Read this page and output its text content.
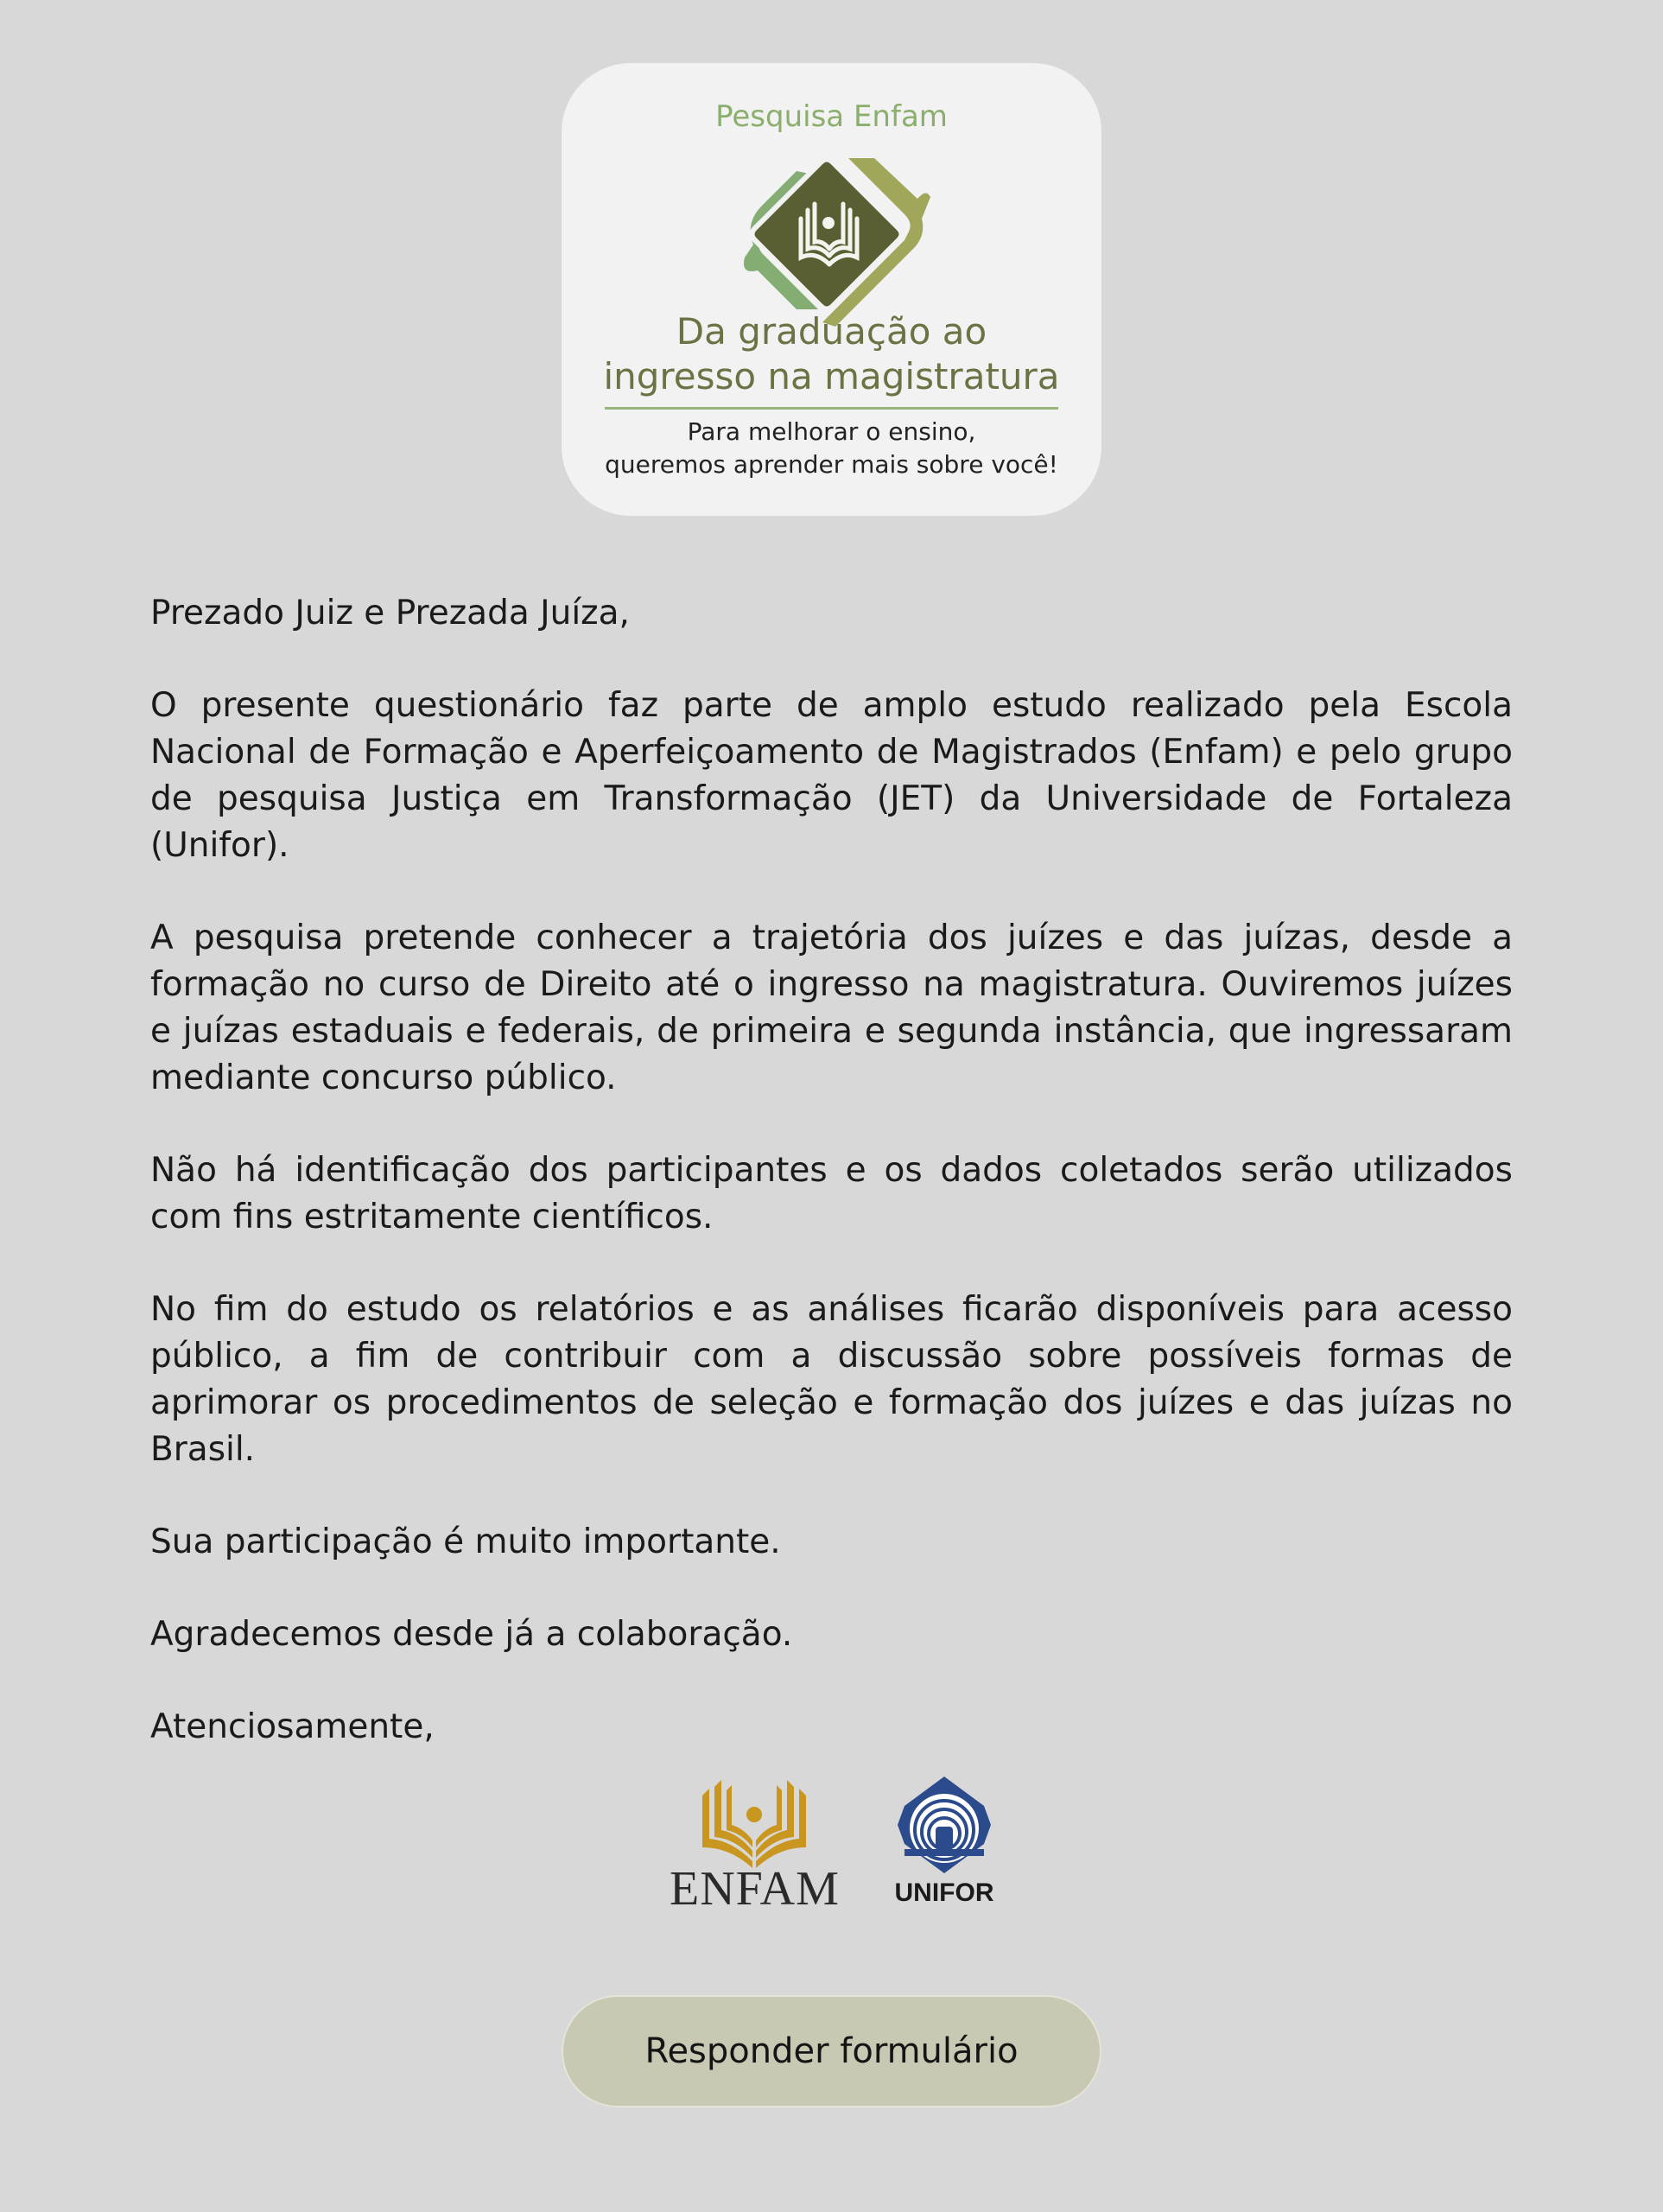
Pesquisa Enfam
Da graduação ao
ingresso na magistratura
Para melhorar o ensino,
queremos aprender mais sobre você!

Prezado Juiz e Prezada Juíza,

O presente questionário faz parte de amplo estudo realizado pela Escola Nacional de Formação e Aperfeiçoamento de Magistrados (Enfam) e pelo grupo de pesquisa Justiça em Transformação (JET) da Universidade de Fortaleza (Unifor).

A pesquisa pretende conhecer a trajetória dos juízes e das juízas, desde a formação no curso de Direito até o ingresso na magistratura. Ouviremos juízes e juízas estaduais e federais, de primeira e segunda instância, que ingressaram mediante concurso público.

Não há identificação dos participantes e os dados coletados serão utilizados com fins estritamente científicos.

No fim do estudo os relatórios e as análises ficarão disponíveis para acesso público, a fim de contribuir com a discussão sobre possíveis formas de aprimorar os procedimentos de seleção e formação dos juízes e das juízas no Brasil.

Sua participação é muito importante.

Agradecemos desde já a colaboração.

Atenciosamente,

ENFAM UNIFOR
Responder formulário
